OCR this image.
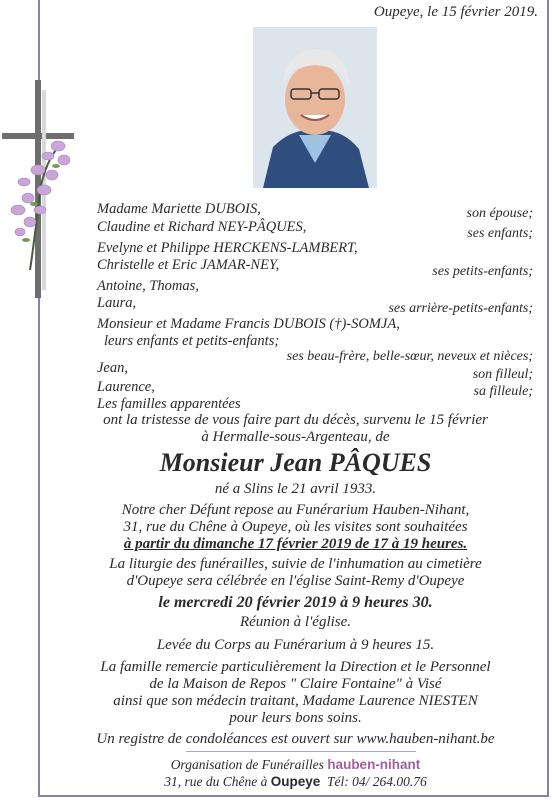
Oupeye, le 15 février 2019.
Madame Mariette DUBOIS,
Claudine et Richard NEY-PÂQUES,
Evelyne et Philippe HERCKENS-LAMBERT,
Christelle et Eric JAMAR-NEY,
Antoine, Thomas,
Laura,
Monsieur et Madame Francis DUBOIS (†)-SOMJA,
leurs enfants et petits-enfants;
Jean,
Laurence,
Les familles apparentées
son épouse;
ses enfants;
ses petits-enfants;
ses arrière-petits-enfants;
ses beau-frère, belle-sœur, neveux et nièces;
son filleul;
sa filleule;
ont la tristesse de vous faire part du décès, survenu le 15 février
à Hermalle-sous-Argenteau, de
Monsieur Jean PÂQUES
né a Slins le 21 avril 1933.
Notre cher Défunt repose au Funérarium Hauben-Nihant,
31, rue du Chêne à Oupeye, où les visites sont souhaitées
à partir du dimanche 17 février 2019 de 17 à 19 heures.
La liturgie des funérailles, suivie de l'inhumation au cimetière
d'Oupeye sera célébrée en l'église Saint-Remy d'Oupeye
le mercredi 20 février 2019 à 9 heures 30.
Réunion à l'église.
Levée du Corps au Funérarium à 9 heures 15.
La famille remercie particulièrement la Direction et le Personnel
de la Maison de Repos " Claire Fontaine" à Visé
ainsi que son médecin traitant, Madame Laurence NIESTEN
pour leurs bons soins.
Un registre de condoléances est ouvert sur www.hauben-nihant.be
Organisation de Funérailles hauben-nihant
31, rue du Chêne à Oupeye Tél: 04/ 264.00.76
